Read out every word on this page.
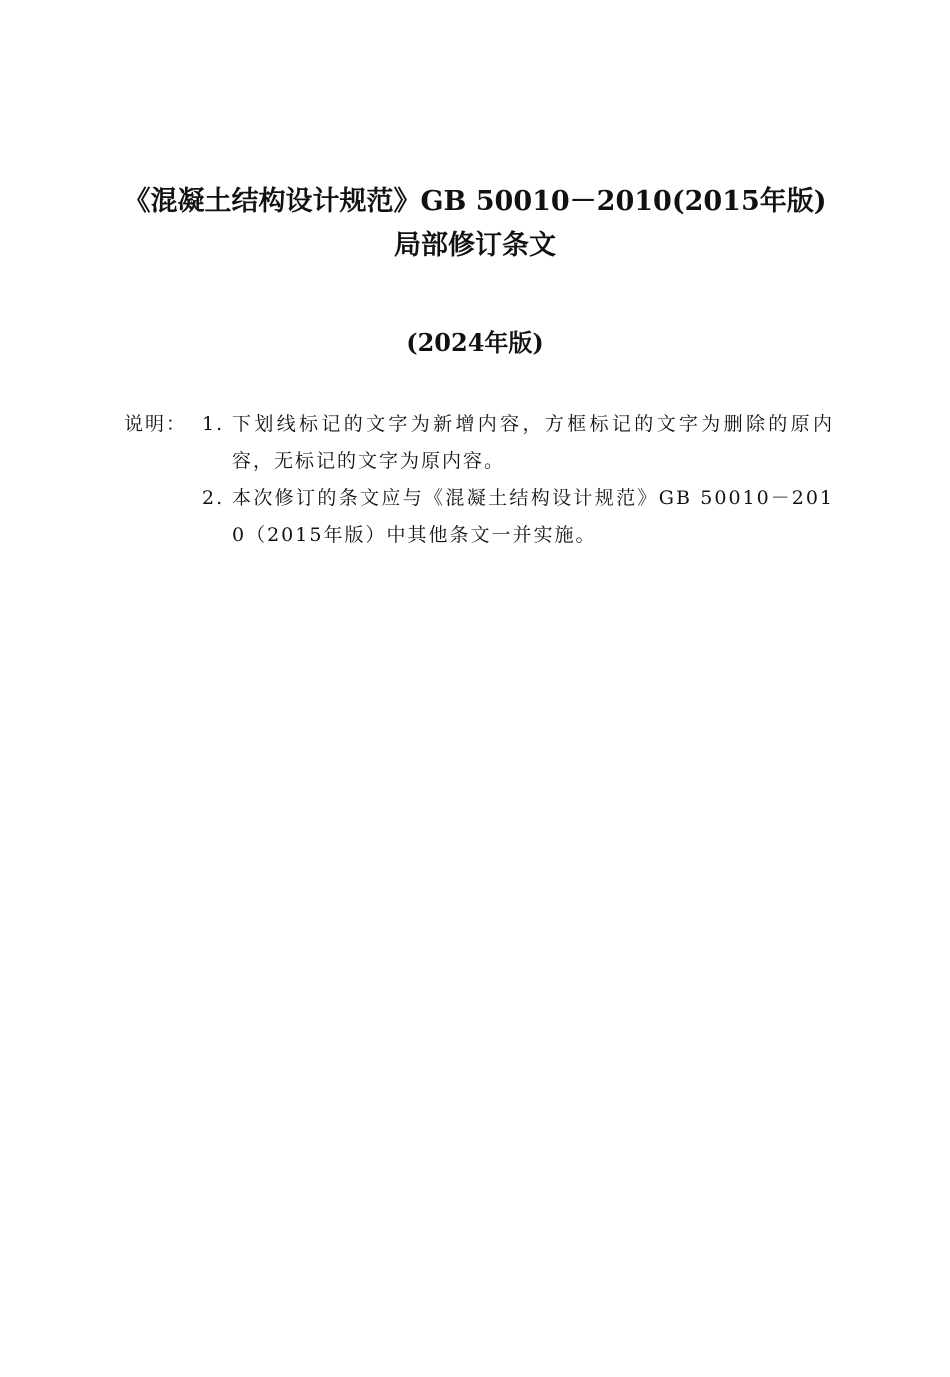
《混凝土结构设计规范》GB 50010－2010(2015年版)
局部修订条文
(2024年版)
说明： 1. 下划线标记的文字为新增内容，方框标记的文字为删除的原内容，无标记的文字为原内容。
2. 本次修订的条文应与《混凝土结构设计规范》GB 50010－2010（2015年版）中其他条文一并实施。
